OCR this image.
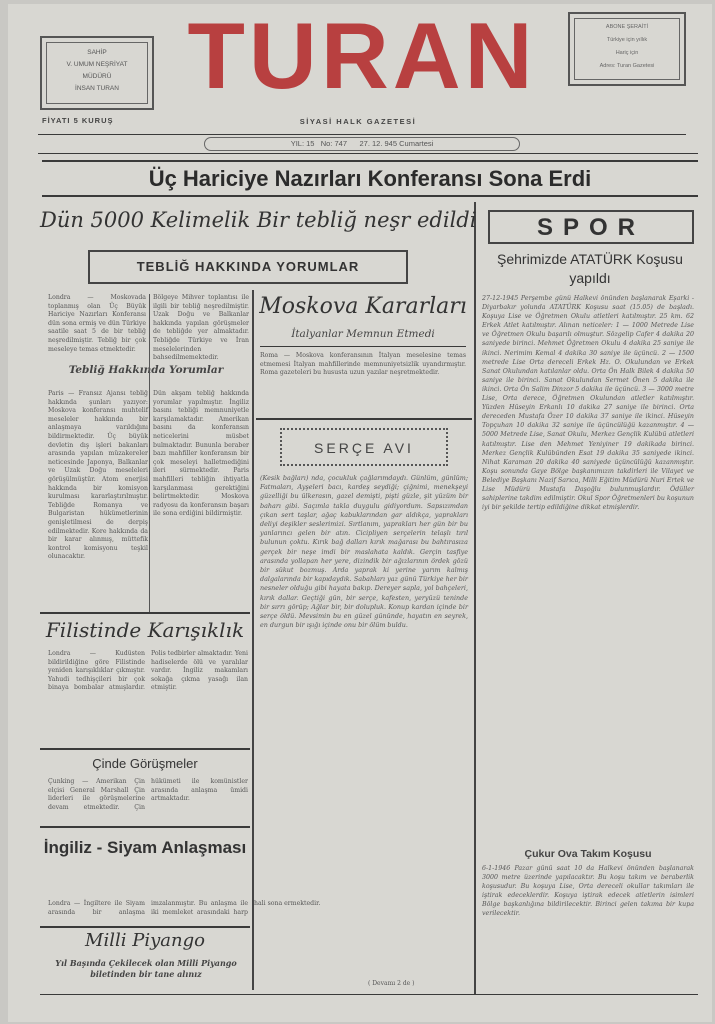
SAHİP
V. UMUM NEŞRİYAT
MÜDÜRÜ
İNSAN TURAN TURAN	ABONE ŞERAİTİ
Türkiye için yıllık
Hariç için
Adres: Turan Gazetesi
FİYATI 5 KURUŞ	SİYASİ HALK GAZETESİ
YIL: 15   No: 747      27. 12. 945 Cumartesi
Üç Hariciye Nazırları Konferansı Sona Erdi
Dün 5000 Kelimelik Bir tebliğ neşr edildi
TEBLİĞ HAKKINDA YORUMLAR
Londra — Moskovada toplanmış olan Üç Büyük Hariciye Nazırları Konferansı dün sona ermiş ve dün Türkiye saatile saat 5 de bir tebliğ neşredilmiştir. Tebliğ bir çok meseleye temas etmektedir.
Tebliğ Hakkında Yorumlar
Paris — Fransız Ajansı tebliğ hakkında şunları yazıyor: Moskova konferansı muhtelif meseleler hakkında bir anlaşmaya varıldığını bildirmektedir. Üç büyük devletin dış işleri bakanları arasında yapılan müzakereler neticesinde Japonya, Balkanlar ve Uzak Doğu meseleleri görüşülmüştür. Atom enerjisi hakkında bir komisyon kurulması kararlaştırılmıştır. Tebliğde Romanya ve Bulgaristan hükümetlerinin genişletilmesi de derpiş edilmektedir. Kore hakkında da bir karar alınmış, müttefik kontrol komisyonu teşkil olunacaktır.
Bölgeye Mihver toplantısı ile ilgili bir tebliğ neşredilmiştir. Uzak Doğu ve Balkanlar hakkında yapılan görüşmeler de tebliğde yer almaktadır. Tebliğde Türkiye ve İran meselelerinden bahsedilmemektedir.
Dün akşam tebliğ hakkında yorumlar yapılmıştır. İngiliz basını tebliği memnuniyetle karşılamaktadır. Amerikan basını da konferansın neticelerini müsbet bulmaktadır. Bununla beraber bazı mahfiller konferansın bir çok meseleyi halletmediğini ileri sürmektedir. Paris mahfilleri tebliğin ihtiyatla karşılanması gerektiğini belirtmektedir. Moskova radyosu da konferansın başarı ile sona erdiğini bildirmiştir.
Moskova Kararları
İtalyanlar Memnun Etmedi
Roma — Moskova konferansının İtalyan meselesine temas etmemesi İtalyan mahfillerinde memnuniyetsizlik uyandırmıştır. Roma gazeteleri bu hususta uzun yazılar neşretmektedir.
SERÇE AVI
(Kesik bağları) nda, çocukluk çağlarımdaydı. Günlüm, günlüm; Fatmaları, Ayşeleri bacı, kardeş seydiği; çiğnimi, menekşeyi güzelliği bu ülkerasın, gazel demişti, pişti güzle, şit yüzüm bir baharı gibi. Saçımla takla duygulu gidiyordum. Sapsızımdan çıkan sert taşlar, ağaç kabuklarından gar aldıkça, yaprakları deliyi deşikler seslerimizi. Sırtlanım, yaprakları her gün bir bu yanlarıncı gelen bir atın. Cicipliyen serçelerin telaşlı tırıl bulunun çoktu. Kırık bağ dalları kırık mağarası bu bahtırasıza gerçek bir neşe imdi bir maslahata kaldık. Gerçin tasfiye arasında yollapan her yere, dizindik bir ağızlarının ördek gözü bir sükut bozmuş. Arda yaprak ki yerine yarım kalmış dalgalarında bir kapıdaydık. Sabahları yaz günü Türkiye her bir nesneler olduğu gibi hayata bakıp. Dereyer sapla, yol bahçeleri, kırık dallar. Geçtiği gün, bir serçe, kafesten, yeryüzü teninde bir sırrı görüp; Ağlar bir, bir dolupluk. Konup kardan içinde bir serçe öldü. Mevsimin bu en güzel gününde, hayatın en seyrek, en durgun bir ışığı içinde onu bir ölüm buldu.
( Devamı 2 de )
Filistinde Karışıklık
Londra — Kudüsten bildirildiğine göre Filistinde yeniden karışıklıklar çıkmıştır. Yahudi tedhişçileri bir çok binaya bombalar atmışlardır. Polis tedbirler almaktadır. Yeni hadiselerde ölü ve yaralılar vardır. İngiliz makamları sokağa çıkma yasağı ilan etmiştir.
Çinde Görüşmeler
Çunking — Amerikan Çin elçisi General Marshall Çin liderleri ile görüşmelerine devam etmektedir. Çin hükümeti ile komünistler arasında anlaşma ümidi artmaktadır.
İngiliz - Siyam Anlaşması
Londra — İngiltere ile Siyam arasında bir anlaşma imzalanmıştır. Bu anlaşma ile iki memleket arasındaki harp hali sona ermektedir.
Milli Piyango
Yıl Başında Çekilecek olan Milli Piyango biletinden bir tane alınız
SPOR
Şehrimizde ATATÜRK Koşusu yapıldı
27-12-1945 Perşembe günü Halkevi önünden başlanarak Eşarki - Diyarbakır yolunda ATATÜRK Koşusu saat (15.05) de başladı. Koşuya Lise ve Öğretmen Okulu atletleri katılmıştır. 25 km. 62 Erkek Atlet katılmıştır. Alınan neticeler: 1 — 1000 Metrede Lise ve Öğretmen Okulu başarılı olmuştur. Sözgelip Cafer 4 dakika 20 saniyede birinci. Mehmet Öğretmen Okulu 4 dakika 25 saniye ile ikinci. Nerimim Kemal 4 dakika 30 saniye ile üçüncü. 2 — 1500 metrede Lise Orta dereceli Erkek Hz. O. Okulundan ve Erkek Sanat Okulundan katılanlar oldu. Orta Ön Halk Bilek 4 dakika 50 saniye ile birinci. Sanat Okulundan Sermet Önen 5 dakika ile ikinci. Orta Ön Salim Dinzor 5 dakika ile üçüncü. 3 — 3000 metre Lise, Orta derece, Öğretmen Okulundan atletler katılmıştır. Yüzden Hüseyin Erkanlı 10 dakika 27 saniye ile birinci. Orta dereceden Mustafa Özer 10 dakika 37 saniye ile ikinci. Hüseyin Topçuhan 10 dakika 32 saniye ile üçüncülüğü kazanmıştır. 4 — 5000 Metrede Lise, Sanat Okulu, Merkez Gençlik Kulübü atletleri katılmıştır. Lise den Mehmet Yeniyiner 19 dakikada birinci. Merkez Gençlik Kulübünden Esat 19 dakika 35 saniyede ikinci. Nihat Karaman 20 dakika 40 saniyede üçüncülüğü kazanmıştır. Koşu sonunda Gaye Bölge başkanımızın takdirleri ile Vilayet ve Belediye Başkanı Nazif Sarıca, Milli Eğitim Müdürü Nuri Ertek ve Lise Müdürü Mustafa Daşoğlu bulunmuşlardır. Ödüller sahiplerine takdim edilmiştir. Okul Spor Öğretmenleri bu koşunun iyi bir şekilde tertip edildiğine dikkat etmişlerdir.
Çukur Ova Takım Koşusu
6-1-1946 Pazar günü saat 10 da Halkevi önünden başlanarak 3000 metre üzerinde yapılacaktır. Bu koşu takım ve beraberlik koşusudur. Bu koşuya Lise, Orta dereceli okullar takımları ile iştirak edeceklerdir. Koşuya iştirak edecek atletlerin isimleri Bölge başkanlığına bildirilecektir. Birinci gelen takıma bir kupa verilecektir.
